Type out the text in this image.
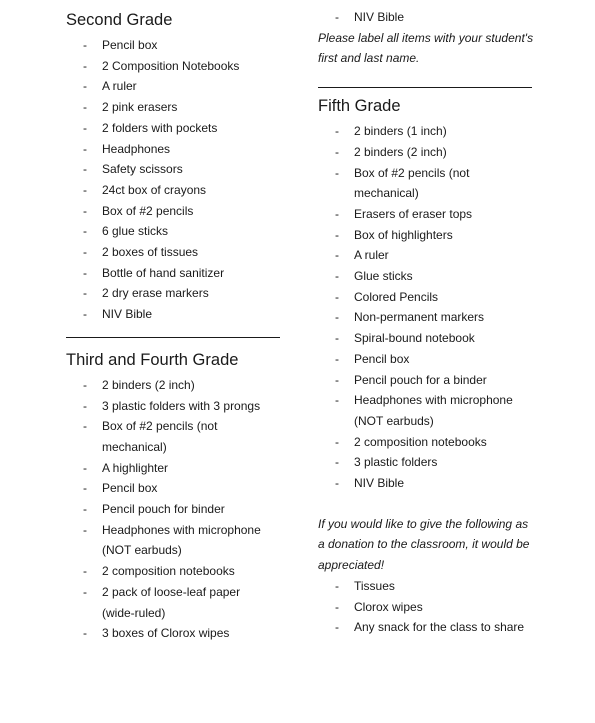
Second Grade
- Pencil box
- 2 Composition Notebooks
- A ruler
- 2 pink erasers
- 2 folders with pockets
- Headphones
- Safety scissors
- 24ct box of crayons
- Box of #2 pencils
- 6 glue sticks
- 2 boxes of tissues
- Bottle of hand sanitizer
- 2 dry erase markers
- NIV Bible
Third and Fourth Grade
- 2 binders (2 inch)
- 3 plastic folders with 3 prongs
- Box of #2 pencils (not
mechanical)
- A highlighter
- Pencil box
- Pencil pouch for binder
- Headphones with microphone
(NOT earbuds)
- 2 composition notebooks
- 2 pack of loose-leaf paper
(wide-ruled)
- 3 boxes of Clorox wipes
- NIV Bible

Please label all items with your student's
first and last name.

Fifth Grade
- 2 binders (1 inch)
- 2 binders (2 inch)
- Box of #2 pencils (not
mechanical)
- Erasers of eraser tops
- Box of highlighters
- A ruler
- Glue sticks
- Colored Pencils
- Non-permanent markers
- Spiral-bound notebook
- Pencil box
- Pencil pouch for a binder
- Headphones with microphone
(NOT earbuds)
- 2 composition notebooks
- 3 plastic folders
- NIV Bible

If you would like to give the following as
a donation to the classroom, it would be
appreciated!

- Tissues
- Clorox wipes
- Any snack for the class to share
